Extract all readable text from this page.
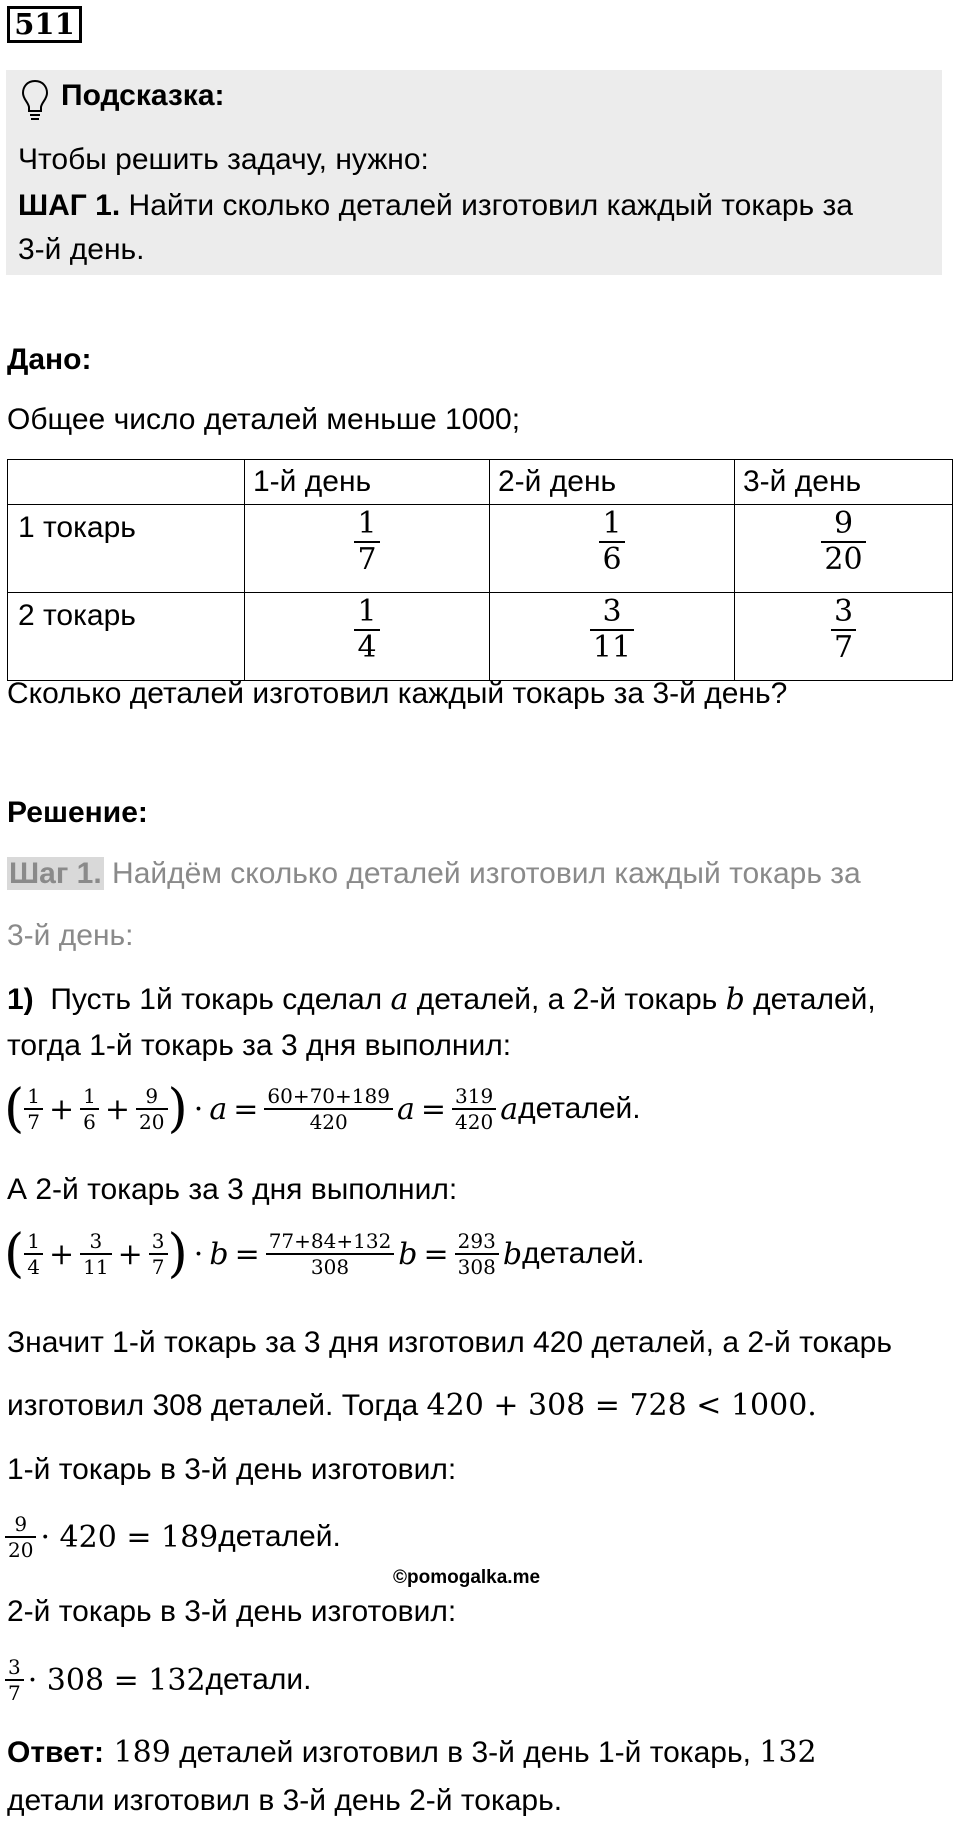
511
Подсказка:
Чтобы решить задачу, нужно:
ШАГ 1. Найти сколько деталей изготовил каждый токарь за
3-й день.
Дано:
Общее число деталей меньше 1000;
	1-й день	2-й день	3-й день
1 токарь	$\frac{1}{7}$	$\frac{1}{6}$	$\frac{9}{20}$

2 токарь	$\frac{1}{4}$	$\frac{3}{11}$	$\frac{3}{7}$
Сколько деталей изготовил каждый токарь за 3-й день?
Решение:
Шаг 1. Найдём сколько деталей изготовил каждый токарь за
3-й день:
1) Пусть 1й токарь сделал a деталей, а 2-й токарь b деталей,
тогда 1-й токарь за 3 дня выполнил:
( $\frac{1}{7} + \frac{1}{6} + \frac{9}{20}$ ) · $a = \frac{60+70+189}{420}$ $a = \frac{319}{420}$ a деталей.
А 2-й токарь за 3 дня выполнил:
( $\frac{1}{4} + \frac{3}{11} + \frac{3}{7}$ ) · $b = \frac{77+84+132}{308}$ $b = \frac{293}{308}$ b деталей.
Значит 1-й токарь за 3 дня изготовил 420 деталей, а 2-й токарь
изготовил 308 деталей. Тогда 420 + 308 = 728 < 1000.
1-й токарь в 3-й день изготовил:
$\frac{9}{20} \cdot 420 = 189$ деталей.
©pomogalka.me
2-й токарь в 3-й день изготовил:
$\frac{3}{7} \cdot 308 = 132$ детали.
Ответ: 189 деталей изготовил в 3-й день 1-й токарь, 132
детали изготовил в 3-й день 2-й токарь.
